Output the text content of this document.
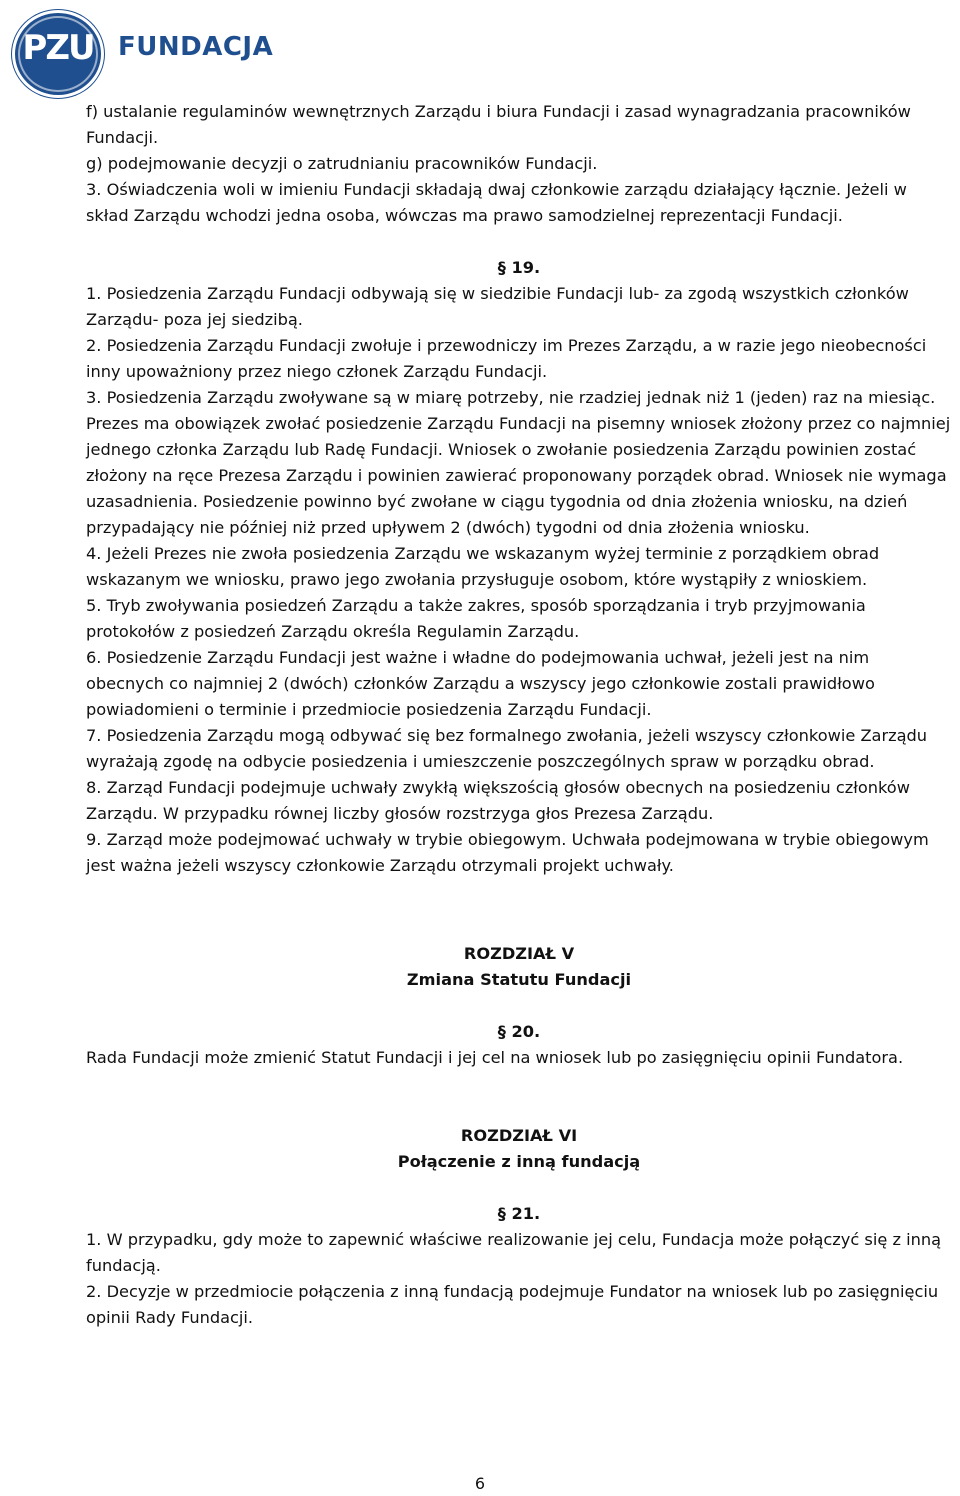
PZU FUNDACJA

f) ustalanie regulaminów wewnętrznych Zarządu i biura Fundacji i zasad wynagradzania pracowników Fundacji.

g) podejmowanie decyzji o zatrudnianiu pracowników Fundacji.

3. Oświadczenia woli w imieniu Fundacji składają dwaj członkowie zarządu działający łącznie. Jeżeli w skład Zarządu wchodzi jedna osoba, wówczas ma prawo samodzielnej reprezentacji Fundacji.

§ 19.

1. Posiedzenia Zarządu Fundacji odbywają się w siedzibie Fundacji lub- za zgodą wszystkich członków Zarządu- poza jej siedzibą.

2. Posiedzenia Zarządu Fundacji zwołuje i przewodniczy im Prezes Zarządu, a w razie jego nieobecności inny upoważniony przez niego członek Zarządu Fundacji.

3. Posiedzenia Zarządu zwoływane są w miarę potrzeby, nie rzadziej jednak niż 1 (jeden) raz na miesiąc. Prezes ma obowiązek zwołać posiedzenie Zarządu Fundacji na pisemny wniosek złożony przez co najmniej jednego członka Zarządu lub Radę Fundacji. Wniosek o zwołanie posiedzenia Zarządu powinien zostać złożony na ręce Prezesa Zarządu i powinien zawierać proponowany porządek obrad. Wniosek nie wymaga uzasadnienia. Posiedzenie powinno być zwołane w ciągu tygodnia od dnia złożenia wniosku, na dzień przypadający nie później niż przed upływem 2 (dwóch) tygodni od dnia złożenia wniosku.

4. Jeżeli Prezes nie zwoła posiedzenia Zarządu we wskazanym wyżej terminie z porządkiem obrad wskazanym we wniosku, prawo jego zwołania przysługuje osobom, które wystąpiły z wnioskiem.

5. Tryb zwoływania posiedzeń Zarządu a także zakres, sposób sporządzania i tryb przyjmowania protokołów z posiedzeń Zarządu określa Regulamin Zarządu.

6. Posiedzenie Zarządu Fundacji jest ważne i władne do podejmowania uchwał, jeżeli jest na nim obecnych co najmniej 2 (dwóch) członków Zarządu a wszyscy jego członkowie zostali prawidłowo powiadomieni o terminie i przedmiocie posiedzenia Zarządu Fundacji.

7. Posiedzenia Zarządu mogą odbywać się bez formalnego zwołania, jeżeli wszyscy członkowie Zarządu wyrażają zgodę na odbycie posiedzenia i umieszczenie poszczególnych spraw w porządku obrad.

8. Zarząd Fundacji podejmuje uchwały zwykłą większością głosów obecnych na posiedzeniu członków Zarządu. W przypadku równej liczby głosów rozstrzyga głos Prezesa Zarządu.

9. Zarząd może podejmować uchwały w trybie obiegowym. Uchwała podejmowana w trybie obiegowym jest ważna jeżeli wszyscy członkowie Zarządu otrzymali projekt uchwały.

ROZDZIAŁ V

Zmiana Statutu Fundacji

§ 20.

Rada Fundacji może zmienić Statut Fundacji i jej cel na wniosek lub po zasięgnięciu opinii Fundatora.

ROZDZIAŁ VI

Połączenie z inną fundacją

§ 21.

1. W przypadku, gdy może to zapewnić właściwe realizowanie jej celu, Fundacja może połączyć się z inną fundacją.

2. Decyzje w przedmiocie połączenia z inną fundacją podejmuje Fundator na wniosek lub po zasięgnięciu opinii Rady Fundacji.

6
